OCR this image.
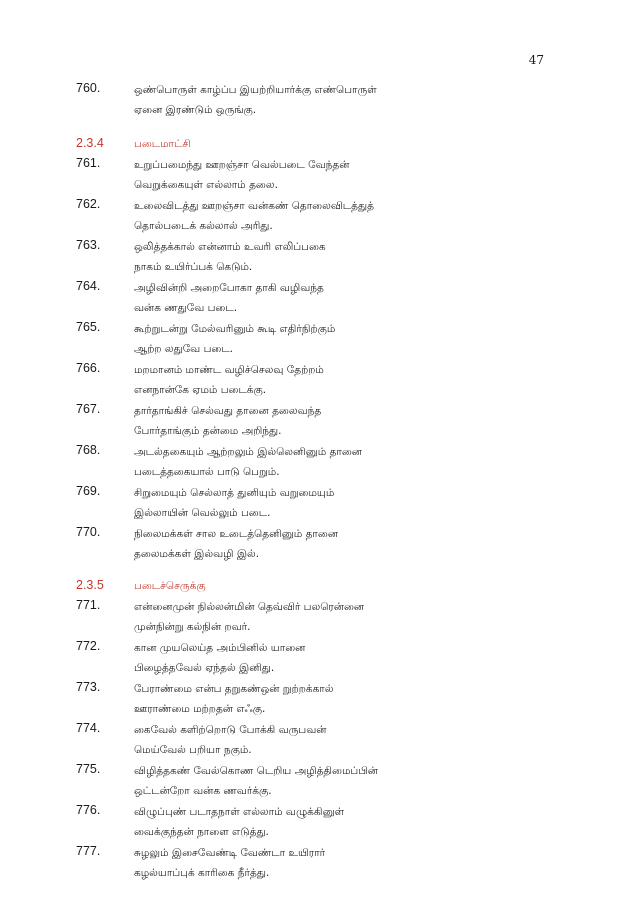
47
760.	ஒண்பொருள் காழ்ப்ப இயற்றியார்க்கு எண்பொருள்
ஏனை இரண்டும் ஒருங்கு.
2.3.4	படைமாட்சி
761.	உறுப்பமைந்து ஊறஞ்சா வெல்படை வேந்தன்
வெறுக்கையுள் எல்லாம் தலை.
762.	உலைவிடத்து ஊறஞ்சா வன்கண் தொலைவிடத்துத்
தொல்படைக் கல்லால் அரிது.
763.	ஒலித்தக்கால் என்னாம் உவரி எலிப்பகை
நாகம் உயிர்ப்பக் கெடும்.
764.	அழிவின்றி அறைபோகா தாகி வழிவந்த
வன்க ணதுவே படை.
765.	கூற்றுடன்று மேல்வரினும் கூடி எதிர்நிற்கும்
ஆற்ற லதுவே படை.
766.	மறமானம் மாண்ட வழிச்செலவு தேற்றம்
எனநான்கே ஏமம் படைக்கு.
767.	தார்தாங்கிச் செல்வது தானை தலைவந்த
போர்தாங்கும் தன்மை அறிந்து.
768.	அடல்தகையும் ஆற்றலும் இல்லெனினும் தானை
படைத்தகையால் பாடு பெறும்.
769.	சிறுமையும் செல்லாத் துனியும் வறுமையும்
இல்லாயின் வெல்லும் படை.
770.	நிலைமக்கள் சால உடைத்தெனினும் தானை
தலைமக்கள் இல்வழி இல்.
2.3.5	படைச்செருக்கு
771.	என்னைமுன் நில்லன்மின் தெவ்விர் பலரென்னை
முன்நின்று கல்நின் றவர்.
772.	கான முயலெய்த அம்பினில் யானை
பிழைத்தவேல் ஏந்தல் இனிது.
773.	பேராண்மை என்ப தறுகண்ஒன் றுற்றக்கால்
ஊராண்மை மற்றதன் எஃகு.
774.	கைவேல் களிற்றொடு போக்கி வருபவன்
மெய்வேல் பறியா நகும்.
775.	விழித்தகண் வேல்கொண டெறிய அழித்திமைப்பின்
ஒட்டன்றோ வன்க ணவர்க்கு.
776.	விழுப்புண் படாதநாள் எல்லாம் வழுக்கினுள்
வைக்குந்தன் நாளை எடுத்து.
777.	சுழலும் இசைவேண்டி வேண்டா உயிரார்
கழல்யாப்புக் காரிகை நீர்த்து.
